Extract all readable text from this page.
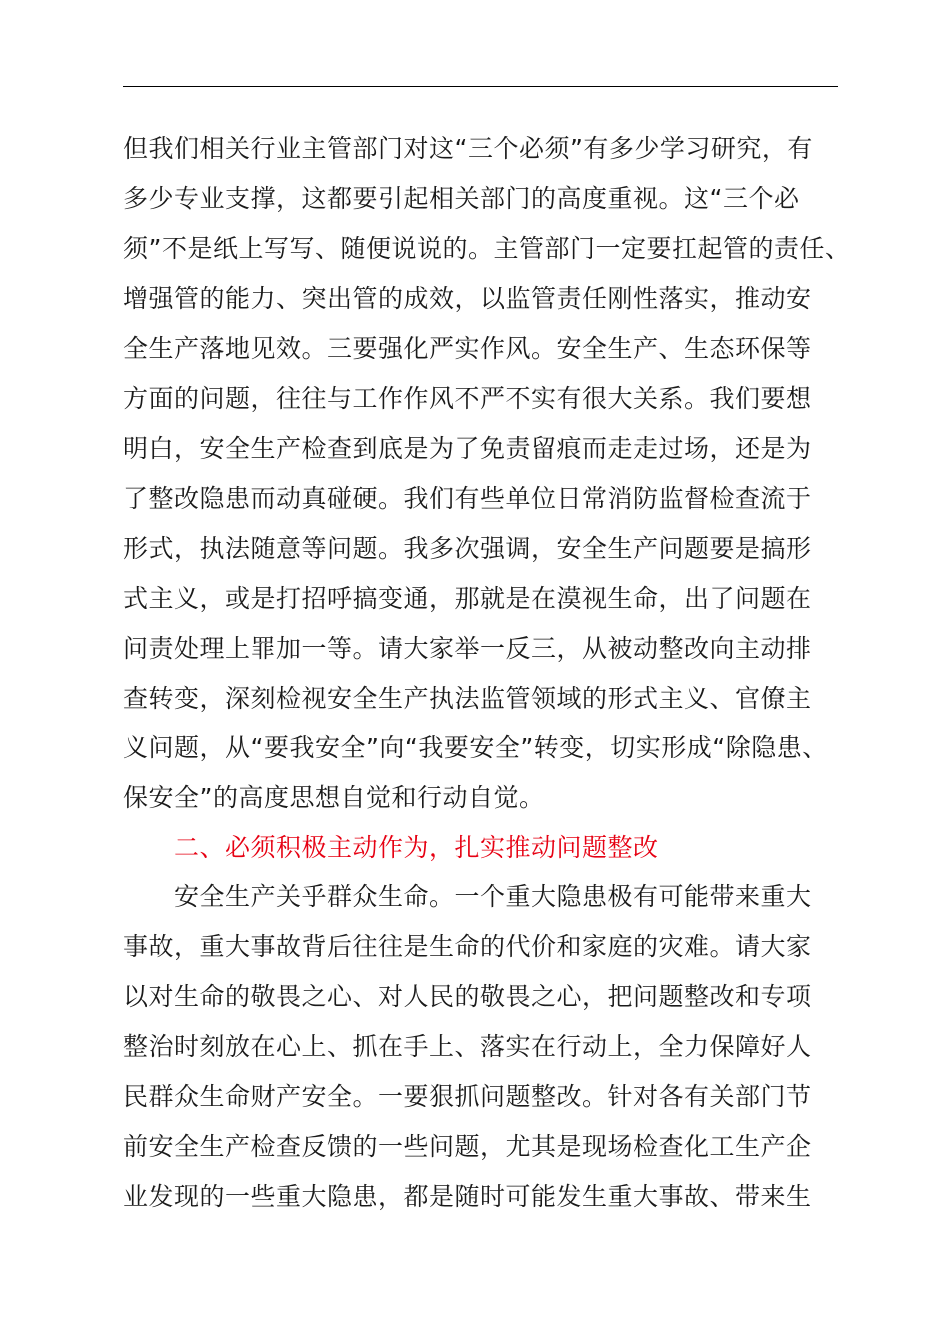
但我们相关行业主管部门对这“三个必须”有多少学习研究，有
多少专业支撑，这都要引起相关部门的高度重视。这“三个必
须”不是纸上写写、随便说说的。主管部门一定要扛起管的责任、
增强管的能力、突出管的成效，以监管责任刚性落实，推动安
全生产落地见效。三要强化严实作风。安全生产、生态环保等
方面的问题，往往与工作作风不严不实有很大关系。我们要想
明白，安全生产检查到底是为了免责留痕而走走过场，还是为
了整改隐患而动真碰硬。我们有些单位日常消防监督检查流于
形式，执法随意等问题。我多次强调，安全生产问题要是搞形
式主义，或是打招呼搞变通，那就是在漠视生命，出了问题在
问责处理上罪加一等。请大家举一反三，从被动整改向主动排
查转变，深刻检视安全生产执法监管领域的形式主义、官僚主
义问题，从“要我安全”向“我要安全”转变，切实形成“除隐患、
保安全”的高度思想自觉和行动自觉。
二、必须积极主动作为，扎实推动问题整改
安全生产关乎群众生命。一个重大隐患极有可能带来重大
事故，重大事故背后往往是生命的代价和家庭的灾难。请大家
以对生命的敬畏之心、对人民的敬畏之心，把问题整改和专项
整治时刻放在心上、抓在手上、落实在行动上，全力保障好人
民群众生命财产安全。一要狠抓问题整改。针对各有关部门节
前安全生产检查反馈的一些问题，尤其是现场检查化工生产企
业发现的一些重大隐患，都是随时可能发生重大事故、带来生
